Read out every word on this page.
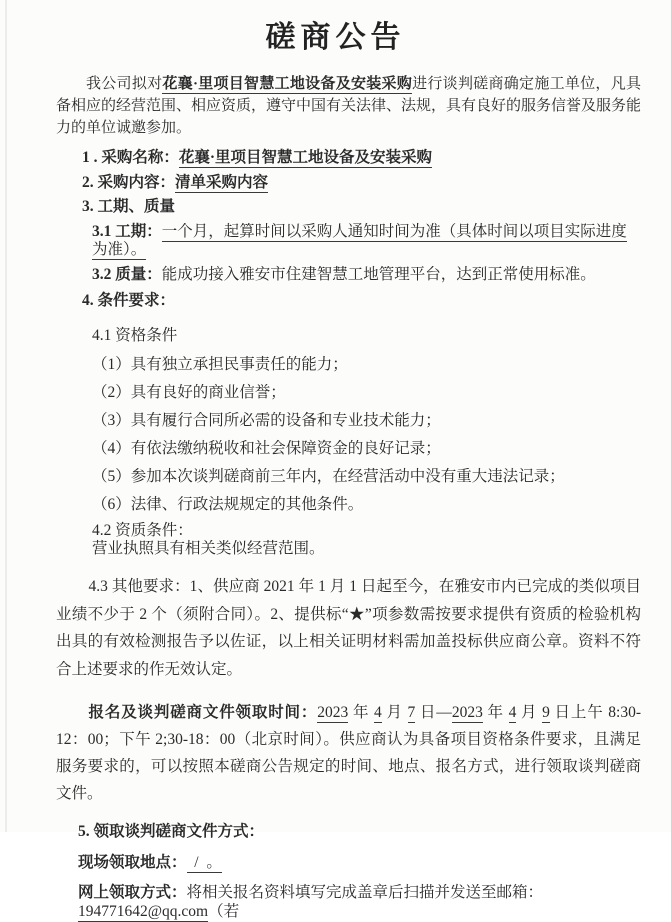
磋商公告

我公司拟对花襄·里项目智慧工地设备及安装采购进行谈判磋商确定施工单位，凡具备相应的经营范围、相应资质，遵守中国有关法律、法规，具有良好的服务信誉及服务能力的单位诚邀参加。

1 . 采购名称：花襄·里项目智慧工地设备及安装采购
2. 采购内容：清单采购内容
3. 工期、质量
3.1 工期：一个月，起算时间以采购人通知时间为准（具体时间以项目实际进度为准）。
3.2 质量：能成功接入雅安市住建智慧工地管理平台，达到正常使用标准。
4. 条件要求：
4.1 资格条件
（1）具有独立承担民事责任的能力；
（2）具有良好的商业信誉；
（3）具有履行合同所必需的设备和专业技术能力；
（4）有依法缴纳税收和社会保障资金的良好记录；
（5）参加本次谈判磋商前三年内，在经营活动中没有重大违法记录；
（6）法律、行政法规规定的其他条件。
4.2 资质条件：
营业执照具有相关类似经营范围。

4.3 其他要求：1、供应商 2021 年 1 月 1 日起至今，在雅安市内已完成的类似项目业绩不少于 2 个（须附合同）。2、提供标“★”项参数需按要求提供有资质的检验机构出具的有效检测报告予以佐证，以上相关证明材料需加盖投标供应商公章。资料不符合上述要求的作无效认定。

报名及谈判磋商文件领取时间：2023 年 4 月 7 日—2023 年 4 月 9 日上午 8:30-12：00；下午 2;30-18：00（北京时间）。供应商认为具备项目资格条件要求，且满足服务要求的，可以按照本磋商公告规定的时间、地点、报名方式，进行领取谈判磋商文件。

5. 领取谈判磋商文件方式：
现场领取地点：  /  。
网上领取方式：将相关报名资料填写完成盖章后扫描并发送至邮箱：194771642@qq.com（若
